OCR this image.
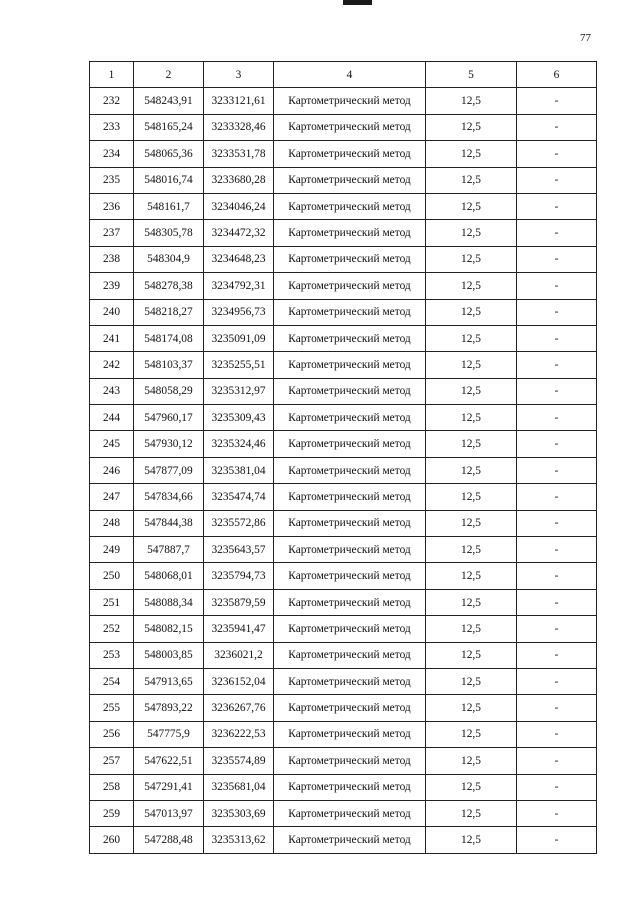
77
1	2	3	4	5	6
232	548243,91	3233121,61	Картометрический метод	12,5	-
233	548165,24	3233328,46	Картометрический метод	12,5	-
234	548065,36	3233531,78	Картометрический метод	12,5	-
235	548016,74	3233680,28	Картометрический метод	12,5	-
236	548161,7	3234046,24	Картометрический метод	12,5	-
237	548305,78	3234472,32	Картометрический метод	12,5	-
238	548304,9	3234648,23	Картометрический метод	12,5	-
239	548278,38	3234792,31	Картометрический метод	12,5	-
240	548218,27	3234956,73	Картометрический метод	12,5	-
241	548174,08	3235091,09	Картометрический метод	12,5	-
242	548103,37	3235255,51	Картометрический метод	12,5	-
243	548058,29	3235312,97	Картометрический метод	12,5	-
244	547960,17	3235309,43	Картометрический метод	12,5	-
245	547930,12	3235324,46	Картометрический метод	12,5	-
246	547877,09	3235381,04	Картометрический метод	12,5	-
247	547834,66	3235474,74	Картометрический метод	12,5	-
248	547844,38	3235572,86	Картометрический метод	12,5	-
249	547887,7	3235643,57	Картометрический метод	12,5	-
250	548068,01	3235794,73	Картометрический метод	12,5	-
251	548088,34	3235879,59	Картометрический метод	12,5	-
252	548082,15	3235941,47	Картометрический метод	12,5	-
253	548003,85	3236021,2	Картометрический метод	12,5	-
254	547913,65	3236152,04	Картометрический метод	12,5	-
255	547893,22	3236267,76	Картометрический метод	12,5	-
256	547775,9	3236222,53	Картометрический метод	12,5	-
257	547622,51	3235574,89	Картометрический метод	12,5	-
258	547291,41	3235681,04	Картометрический метод	12,5	-
259	547013,97	3235303,69	Картометрический метод	12,5	-
260	547288,48	3235313,62	Картометрический метод	12,5	-
